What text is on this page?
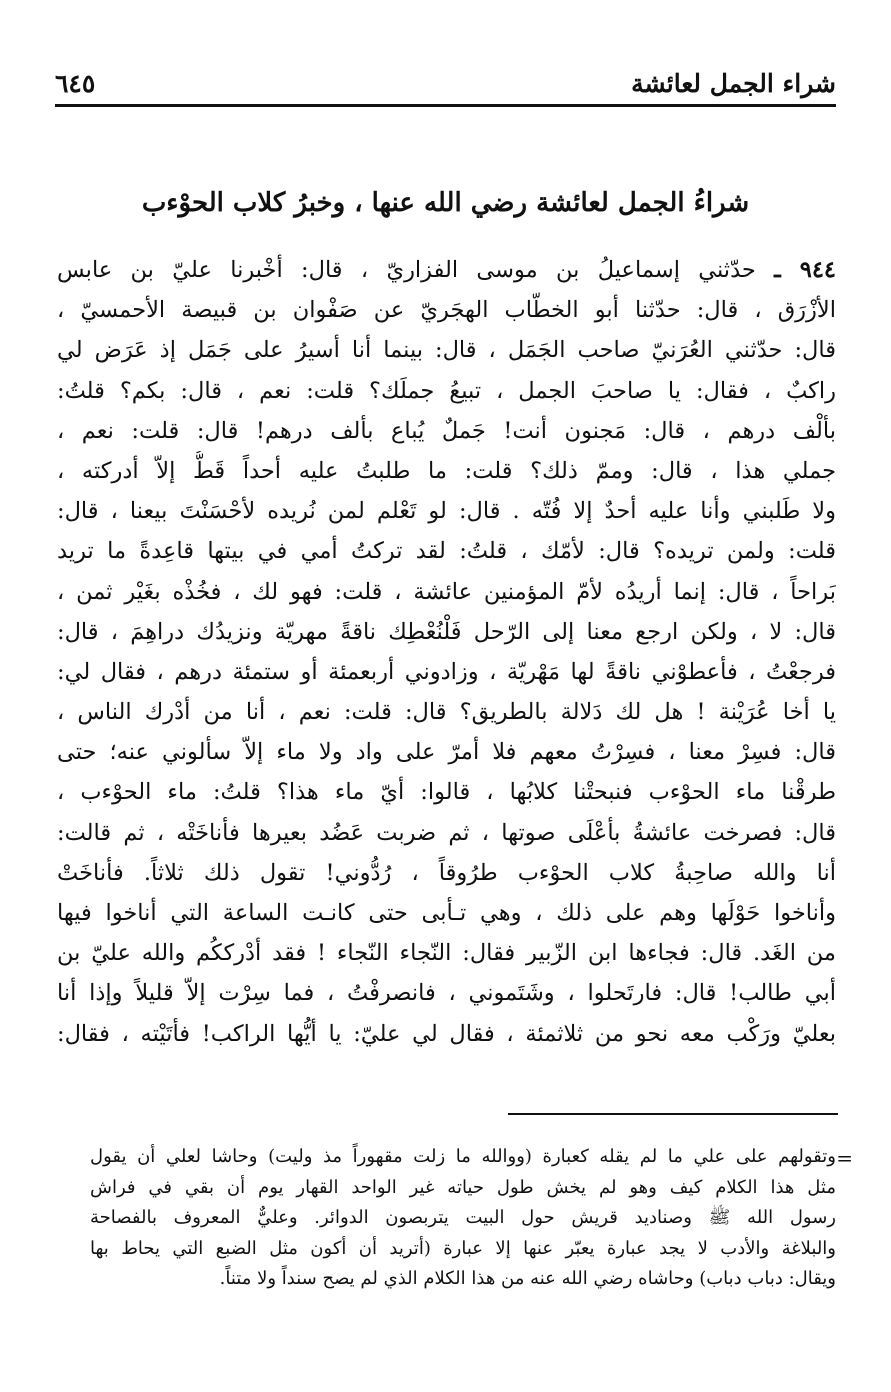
شراء الجمل لعائشة
٦٤٥
شراءُ الجمل لعائشة رضي الله عنها ، وخبرُ كلاب الحوْءب
٩٤٤ ـ حدّثني إسماعيلُ بن موسى الفزاريّ ، قال: أخْبرنا عليّ بن عابس
الأزْرَق ، قال: حدّثنا أبو الخطّاب الهجَريّ عن صَفْوان بن قبيصة الأحمسيّ ،
قال: حدّثني العُرَنيّ صاحب الجَمَل ، قال: بينما أنا أسيرُ على جَمَل إذ عَرَض لي
راكبٌ ، فقال: يا صاحبَ الجمل ، تبيعُ جملَك؟ قلت: نعم ، قال: بكم؟ قلتُ:
بألْف درهم ، قال: مَجنون أنت! جَملٌ يُباع بألف درهم! قال: قلت: نعم ،
جملي هذا ، قال: وممّ ذلك؟ قلت: ما طلبتُ عليه أحداً قَطُّ إلاّ أدركته ،
ولا طَلبني وأنا عليه أحدٌ إلا فُتّه . قال: لو تَعْلم لمن نُريده لأحْسَنْتَ بيعنا ، قال:
قلت: ولمن تريده؟ قال: لأمّك ، قلتُ: لقد تركتُ أمي في بيتها قاعِدةً ما تريد
بَراحاً ، قال: إنما أريدُه لأمّ المؤمنين عائشة ، قلت: فهو لك ، فخُذْه بغَيْر ثمن ،
قال: لا ، ولكن ارجع معنا إلى الرّحل فَلْنُعْطِك ناقةً مهريّة ونزيدُك دراهِمَ ، قال:
فرجعْتُ ، فأعطوْني ناقةً لها مَهْريّة ، وزادوني أربعمئة أو ستمئة درهم ، فقال لي:
يا أخا عُرَيْنة ! هل لك دَلالة بالطريق؟ قال: قلت: نعم ، أنا من أدْرك الناس ،
قال: فسِرْ معنا ، فسِرْتُ معهم فلا أمرّ على واد ولا ماء إلاّ سألوني عنه؛ حتى
طرقْنا ماء الحوْءب فنبحتْنا كلابُها ، قالوا: أيّ ماء هذا؟ قلتُ: ماء الحوْءب ،
قال: فصرخت عائشةُ بأعْلَى صوتها ، ثم ضربت عَضُد بعيرها فأناخَتْه ، ثم قالت:
أنا والله صاحِبةُ كلاب الحوْءب طرُوقاً ، رُدُّوني! تقول ذلك ثلاثاً. فأناخَتْ
وأناخوا حَوْلَها وهم على ذلك ، وهي تـأبى حتى كانـت الساعة التي أناخوا فيها
من الغَد. قال: فجاءها ابن الزّبير فقال: النّجاء النّجاء ! فقد أدْرككُم والله عليّ بن
أبي طالب! قال: فارتَحلوا ، وشَتَموني ، فانصرفْتُ ، فما سِرْت إلاّ قليلاً وإذا أنا
بعليّ ورَكْب معه نحو من ثلاثمئة ، فقال لي عليّ: يا أيُّها الراكب! فأتَيْته ، فقال:
=
وتقولهم على علي ما لم يقله كعبارة (ووالله ما زلت مقهوراً مذ وليت) وحاشا لعلي أن يقول
مثل هذا الكلام كيف وهو لم يخش طول حياته غير الواحد القهار يوم أن بقي في فراش
رسول الله ﷺ وصناديد قريش حول البيت يتربصون الدوائر. وعليٌّ المعروف بالفصاحة
والبلاغة والأدب لا يجد عبارة يعبّر عنها إلا عبارة (أتريد أن أكون مثل الضبع التي يحاط بها
ويقال: دباب دباب) وحاشاه رضي الله عنه من هذا الكلام الذي لم يصح سنداً ولا متناً.
